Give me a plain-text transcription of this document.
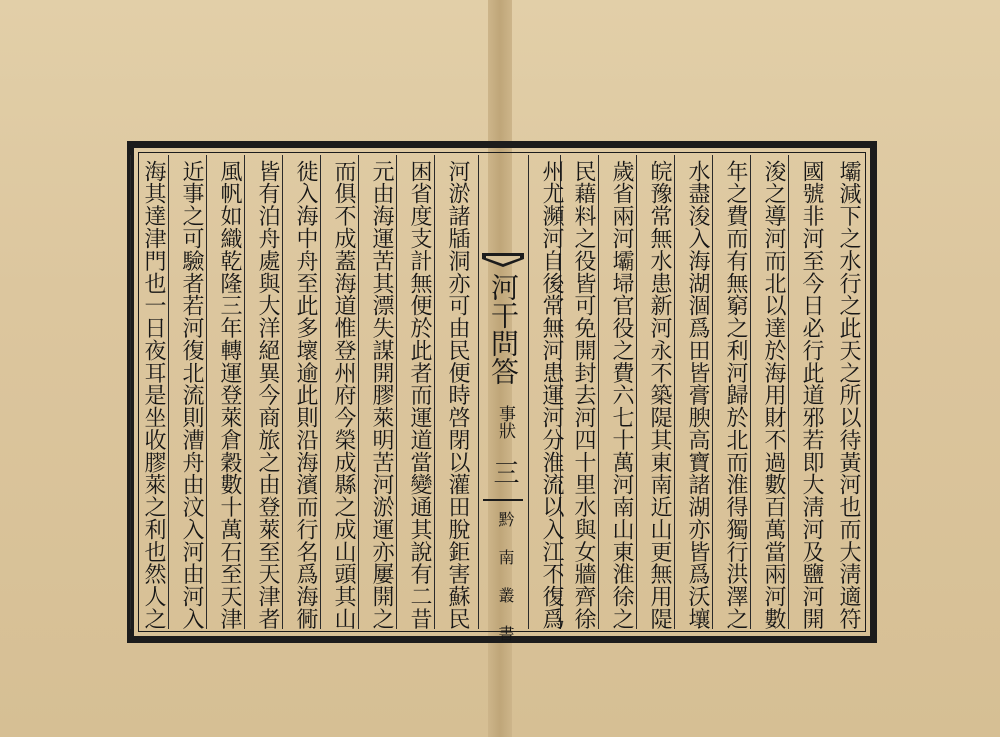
壩減下之水行之此天之所以待黃河也而大淸適符
國號非河至今日必行此道邪若即大淸河及鹽河開
浚之導河而北以達於海用財不過數百萬當兩河數
年之費而有無窮之利河歸於北而淮得獨行洪澤之
水盡浚入海湖涸爲田皆膏腴高寶諸湖亦皆爲沃壤
皖豫常無水患新河永不築隄其東南近山更無用隄
歲省兩河壩埽官役之費六七十萬河南山東淮徐之
民藉料之役皆可免開封去河四十里水與女牆齊徐
州尤瀕河自後常無河患運河分淮流以入江不復爲
河干問答
事狀
三
黔南叢書
河淤諸牐洞亦可由民便時啓閉以灌田脫鉅害蘇民
困省度支計無便於此者而運道當變通其說有二昔
元由海運苦其漂失謀開膠萊明苦河淤運亦屢開之
而俱不成蓋海道惟登州府今榮成縣之成山頭其山
徙入海中舟至此多壞逾此則沿海濱而行名爲海衕
皆有泊舟處與大洋絕異今商旅之由登萊至天津者
風帆如織乾隆三年轉運登萊倉穀數十萬石至天津
近事之可驗者若河復北流則漕舟由汶入河由河入
海其達津門也一日夜耳是坐收膠萊之利也然人之
